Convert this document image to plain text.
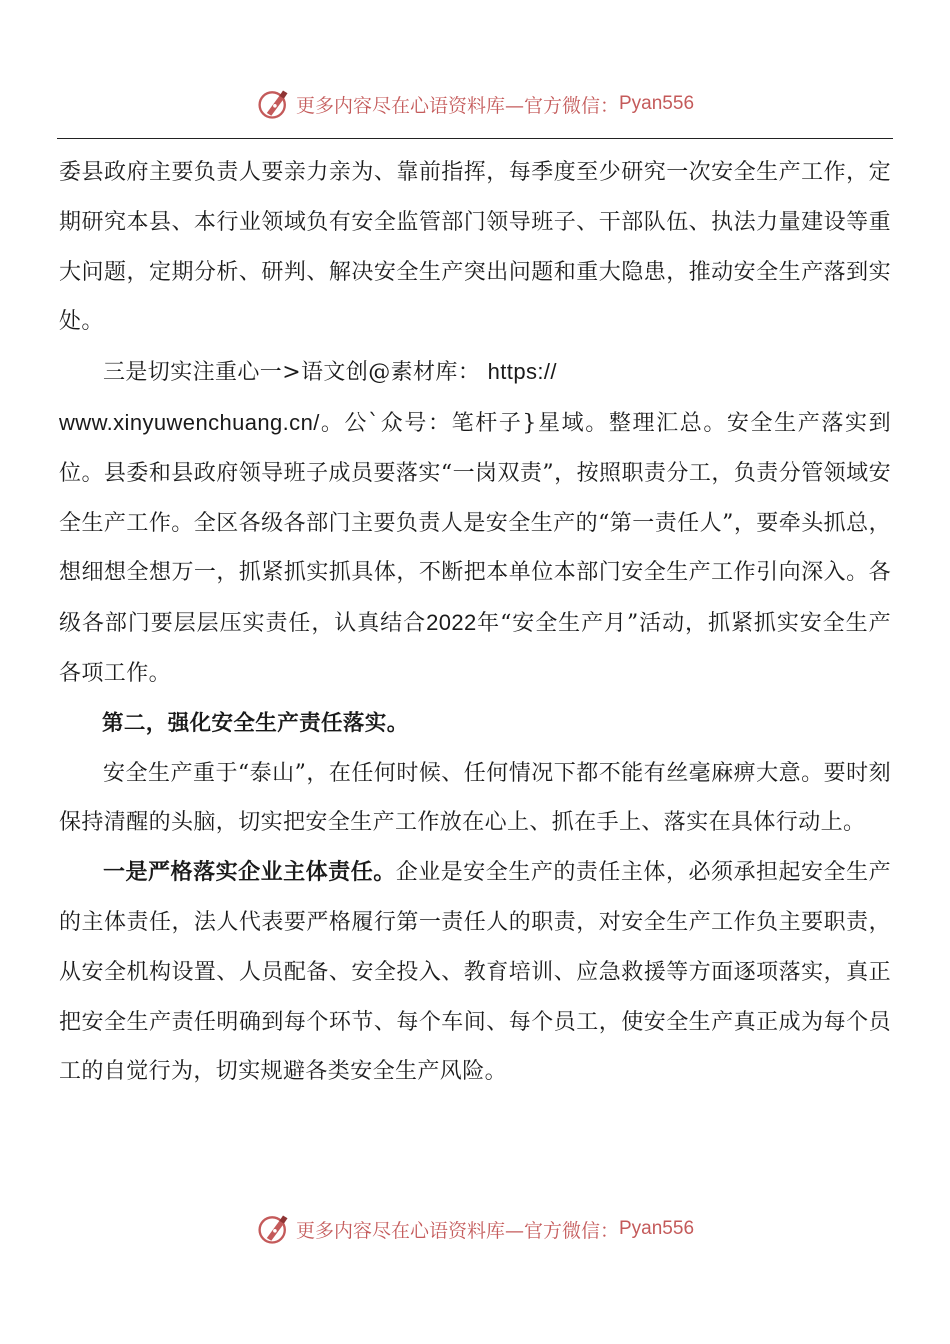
更多内容尽在心语资料库—官方微信： Pyan556

委县政府主要负责人要亲力亲为、靠前指挥，每季度至少研究一次安全生产工作，定期研究本县、本行业领域负有安全监管部门领导班子、干部队伍、执法力量建设等重大问题，定期分析、研判、解决安全生产突出问题和重大隐患，推动安全生产落到实处。

三是切实注重心一>语文创@素材库： https://

www.xinyuwenchuang.cn/。公`众号：笔杆子}星域。整理汇总。安全生产落实到位。县委和县政府领导班子成员要落实“一岗双责”，按照职责分工，负责分管领域安全生产工作。全区各级各部门主要负责人是安全生产的“第一责任人”，要牵头抓总，想细想全想万一，抓紧抓实抓具体，不断把本单位本部门安全生产工作引向深入。各级各部门要层层压实责任，认真结合2022年“安全生产月”活动，抓紧抓实安全生产各项工作。

第二，强化安全生产责任落实。

安全生产重于“泰山”，在任何时候、任何情况下都不能有丝毫麻痹大意。要时刻保持清醒的头脑，切实把安全生产工作放在心上、抓在手上、落实在具体行动上。

一是严格落实企业主体责任。企业是安全生产的责任主体，必须承担起安全生产的主体责任，法人代表要严格履行第一责任人的职责，对安全生产工作负主要职责，从安全机构设置、人员配备、安全投入、教育培训、应急救援等方面逐项落实，真正把安全生产责任明确到每个环节、每个车间、每个员工，使安全生产真正成为每个员工的自觉行为，切实规避各类安全生产风险。

更多内容尽在心语资料库—官方微信： Pyan556
